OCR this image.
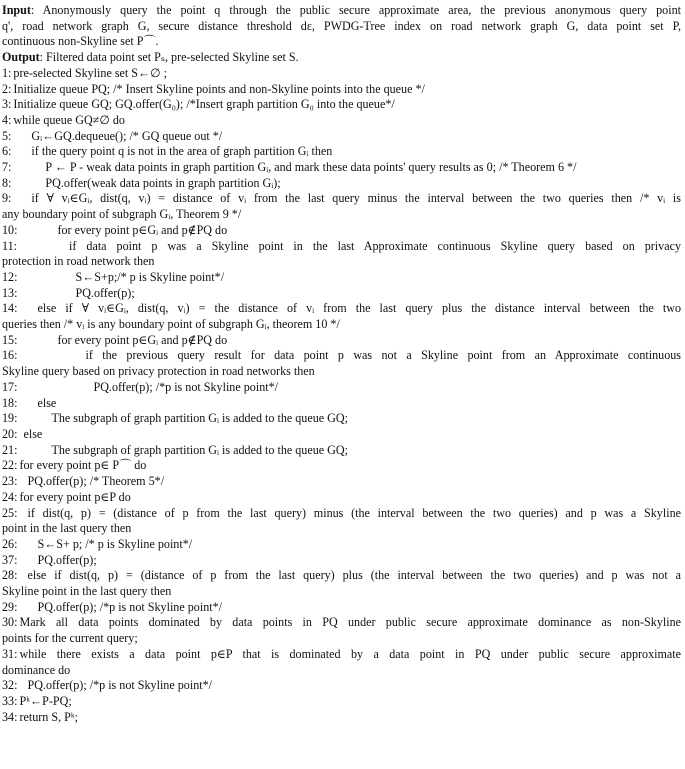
Input: Anonymously query the point q through the public secure approximate area, the previous anonymous query point
q', road network graph G, secure distance threshold dε, PWDG-Tree index on road network graph G, data point set P,
continuous non-Skyline set P⌒.
Output: Filtered data point set Pₛ, pre-selected Skyline set S.
1: pre-selected Skyline set S←∅ ;
2: Initialize queue PQ; /* Insert Skyline points and non-Skyline points into the queue */
3: Initialize queue GQ; GQ.offer(G₀); /*Insert graph partition G₀ into the queue*/
4: while queue GQ≠∅ do
5: Gᵢ←GQ.dequeue(); /* GQ queue out */
6: if the query point q is not in the area of graph partition Gᵢ then
7:	P ← P - weak data points in graph partition Gᵢ, and mark these data points' query results as 0; /* Theorem 6 */
8:	PQ.offer(weak data points in graph partition Gᵢ);
9: if ∀ vᵢ∈Gᵢ, dist(q, vᵢ) = distance of vᵢ from the last query minus the interval between the two queries then /* vᵢ is
any boundary point of subgraph Gᵢ, Theorem 9 */
10:	for every point p∈Gᵢ and p∉PQ do
11:	if data point p was a Skyline point in the last Approximate continuous Skyline query based on privacy
protection in road network then
12:	S←S+p;/* p is Skyline point*/
13:	PQ.offer(p);
14: else if ∀ vᵢ∈Gᵢ, dist(q, vᵢ) = the distance of vᵢ from the last query plus the distance interval between the two
queries then /* vᵢ is any boundary point of subgraph Gᵢ, theorem 10 */
15:	for every point p∈Gᵢ and p∉PQ do
16:	if the previous query result for data point p was not a Skyline point from an Approximate continuous
Skyline query based on privacy protection in road networks then
17:	PQ.offer(p); /*p is not Skyline point*/
18: else
19:	The subgraph of graph partition Gᵢ is added to the queue GQ;
20: else
21:	The subgraph of graph partition Gᵢ is added to the queue GQ;
22: for every point p∈ P⌒ do
23: PQ.offer(p); /* Theorem 5*/
24: for every point p∈P do
25: if dist(q, p) = (distance of p from the last query) minus (the interval between the two queries) and p was a Skyline
point in the last query then
26: S←S+ p; /* p is Skyline point*/
37: PQ.offer(p);
28: else if dist(q, p) = (distance of p from the last query) plus (the interval between the two queries) and p was not a
Skyline point in the last query then
29: PQ.offer(p); /*p is not Skyline point*/
30: Mark all data points dominated by data points in PQ under public secure approximate dominance as non-Skyline
points for the current query;
31: while there exists a data point p∈P that is dominated by a data point in PQ under public secure approximate
dominance do
32: PQ.offer(p); /*p is not Skyline point*/
33: Pᵏ←P-PQ;
34: return S, Pᵏ;
